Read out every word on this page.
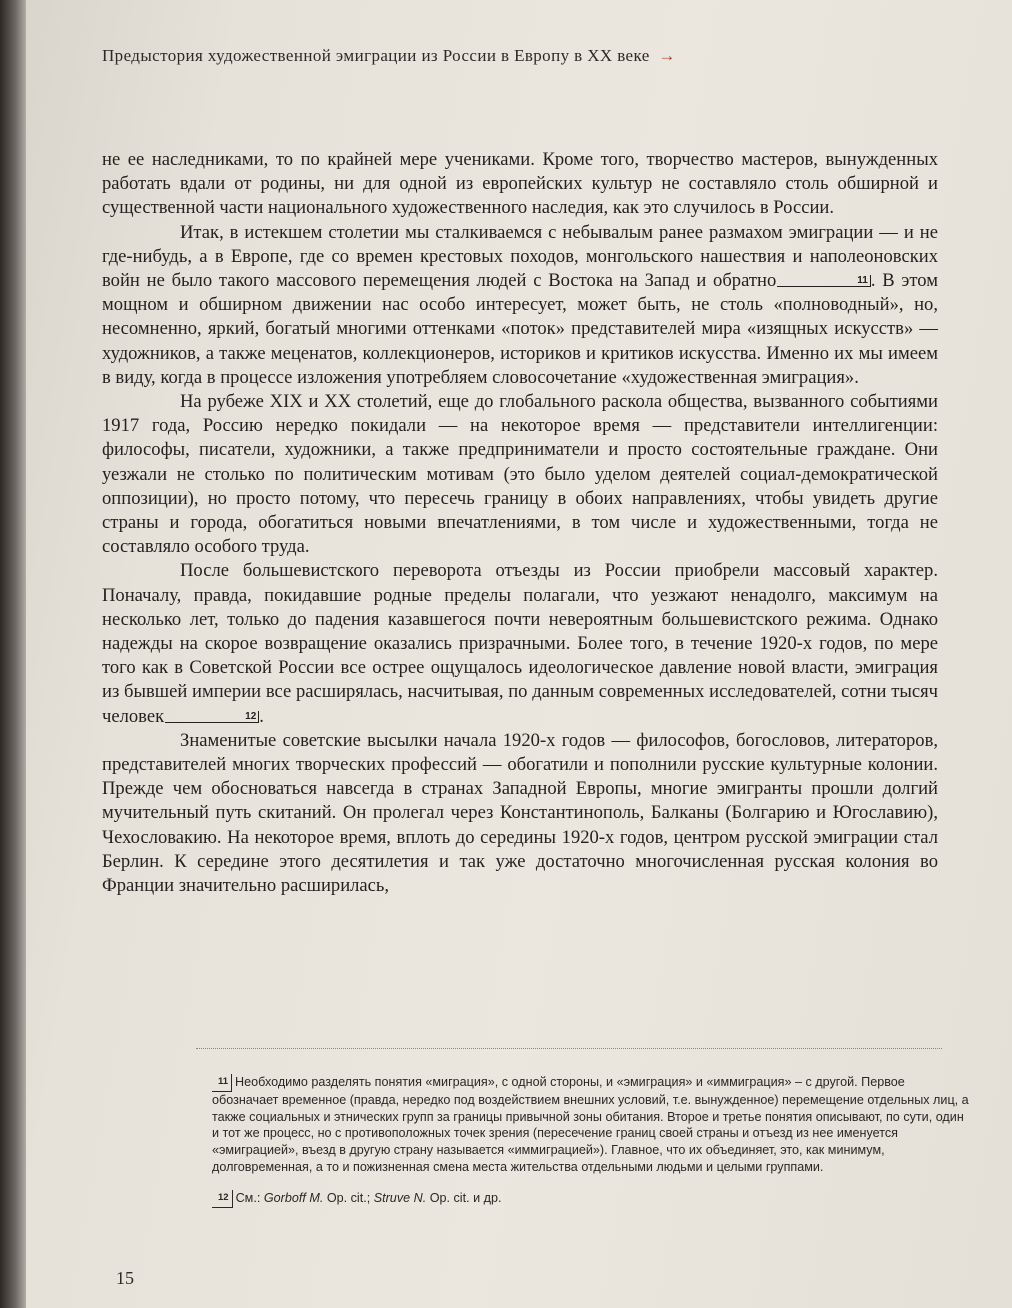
Предыстория художественной эмиграции из России в Европу в XX веке →

не ее наследниками, то по крайней мере учениками. Кроме того, творчество мастеров, вынужденных работать вдали от родины, ни для одной из европейских культур не составляло столь обширной и существенной части национального художественного наследия, как это случилось в России.

Итак, в истекшем столетии мы сталкиваемся с небывалым ранее размахом эмиграции — и не где-нибудь, а в Европе, где со времен крестовых походов, монгольского нашествия и наполеоновских войн не было такого массового перемещения людей с Востока на Запад и обратно	11 . В этом мощном и обширном движении нас особо интересует, может быть, не столь «полноводный», но, несомненно, яркий, богатый многими оттенками «поток» представителей мира «изящных искусств» — художников, а также меценатов, коллекционеров, историков и критиков искусства. Именно их мы имеем в виду, когда в процессе изложения употребляем словосочетание «художественная эмиграция».

На рубеже XIX и XX столетий, еще до глобального раскола общества, вызванного событиями 1917 года, Россию нередко покидали — на некоторое время — представители интеллигенции: философы, писатели, художники, а также предприниматели и просто состоятельные граждане. Они уезжали не столько по политическим мотивам (это было уделом деятелей социал-демократической оппозиции), но просто потому, что пересечь границу в обоих направлениях, чтобы увидеть другие страны и города, обогатиться новыми впечатлениями, в том числе и художественными, тогда не составляло особого труда.

После большевистского переворота отъезды из России приобрели массовый характер. Поначалу, правда, покидавшие родные пределы полагали, что уезжают ненадолго, максимум на несколько лет, только до падения казавшегося почти невероятным большевистского режима. Однако надежды на скорое возвращение оказались призрачными. Более того, в течение 1920-х годов, по мере того как в Советской России все острее ощущалось идеологическое давление новой власти, эмиграция из бывшей империи все расширялась, насчитывая, по данным современных исследователей, сотни тысяч человек	12 .

Знаменитые советские высылки начала 1920-х годов — философов, богословов, литераторов, представителей многих творческих профессий — обогатили и пополнили русские культурные колонии. Прежде чем обосноваться навсегда в странах Западной Европы, многие эмигранты прошли долгий мучительный путь скитаний. Он пролегал через Константинополь, Балканы (Болгарию и Югославию), Чехословакию. На некоторое время, вплоть до середины 1920-х годов, центром русской эмиграции стал Берлин. К середине этого десятилетия и так уже достаточно многочисленная русская колония во Франции значительно расширилась,

11 Необходимо разделять понятия «миграция», с одной стороны, и «эмиграция» и «иммиграция» – с другой. Первое обозначает временное (правда, нередко под воздействием внешних условий, т.е. вынужденное) перемещение отдельных лиц, а также социальных и этнических групп за границы привычной зоны обитания. Второе и третье понятия описывают, по сути, один и тот же процесс, но с противоположных точек зрения (пересечение границ своей страны и отъезд из нее именуется «эмиграцией», въезд в другую страну называется «иммиграцией»). Главное, что их объединяет, это, как минимум, долговременная, а то и пожизненная смена места жительства отдельными людьми и целыми группами.

12 См.: Gorboff M. Op. cit.; Struve N. Op. cit. и др.

15
